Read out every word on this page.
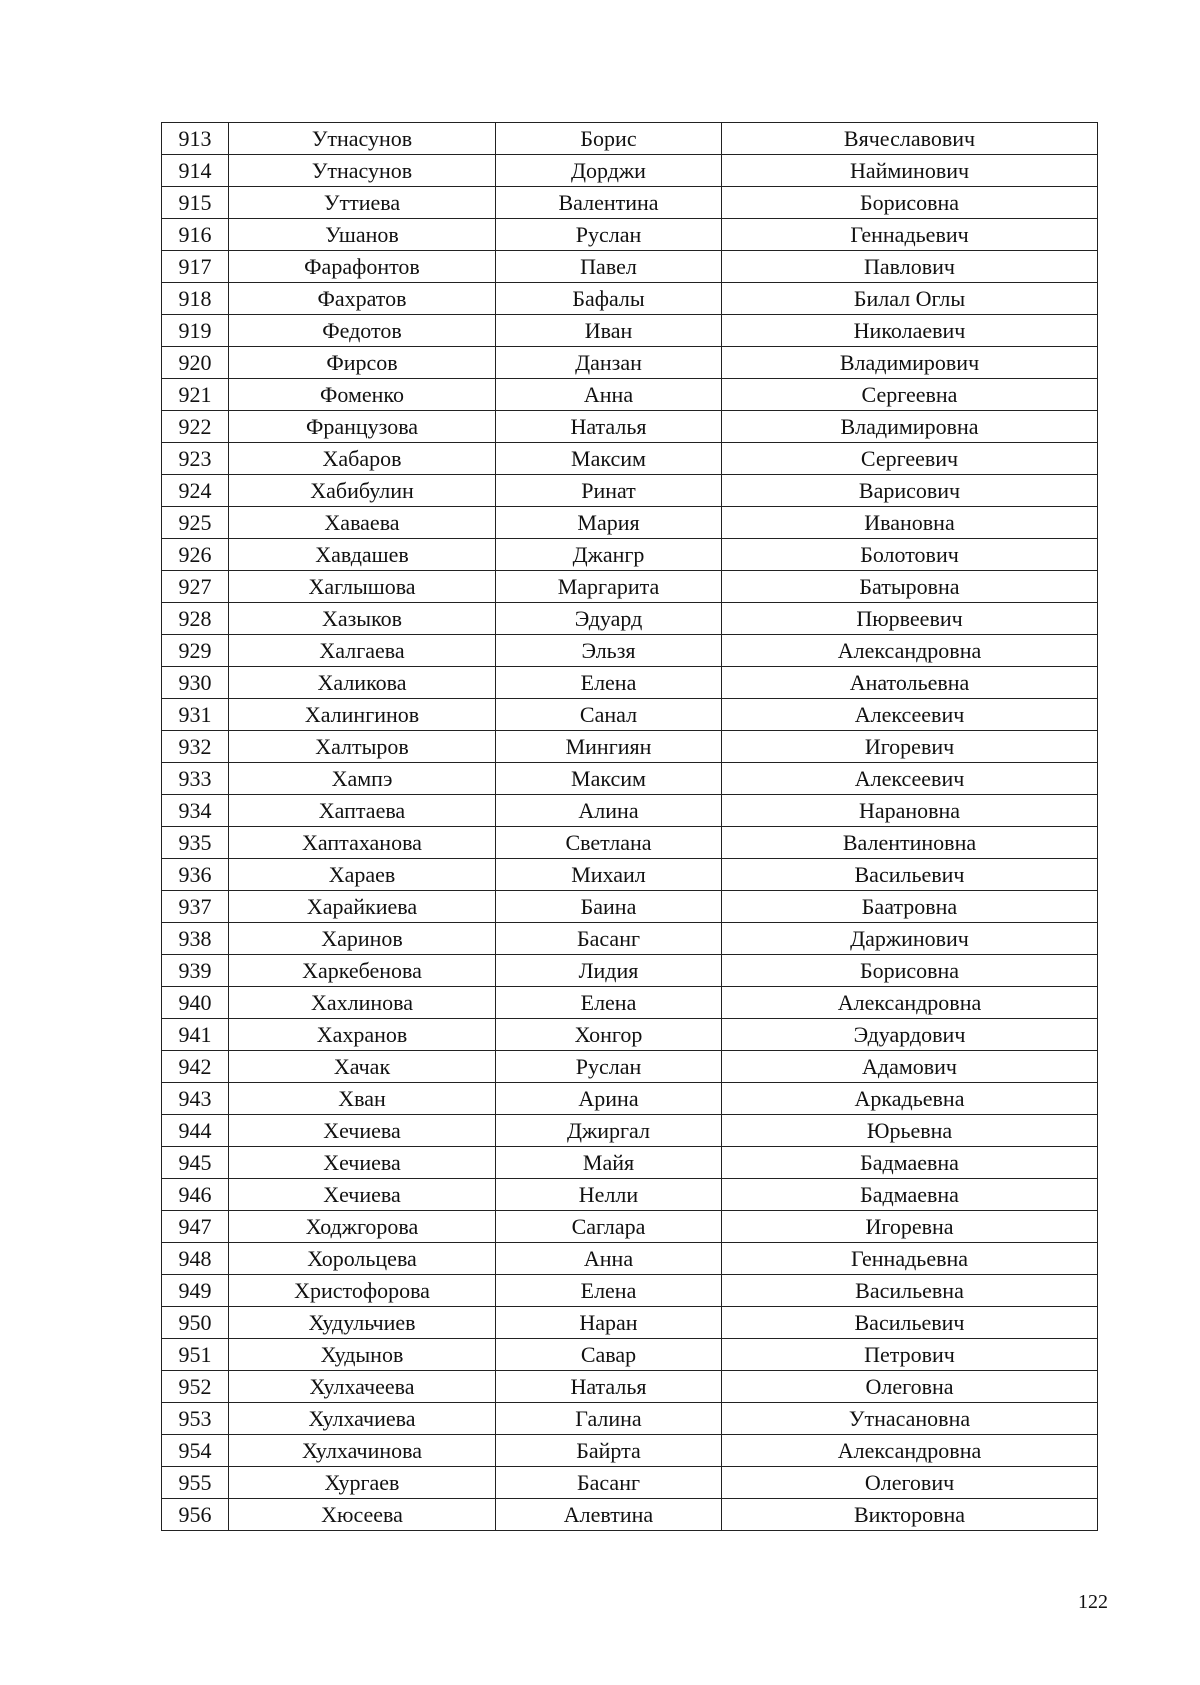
913	Утнасунов	Борис	Вячеславович
914	Утнасунов	Дорджи	Найминович
915	Уттиева	Валентина	Борисовна
916	Ушанов	Руслан	Геннадьевич
917	Фарафонтов	Павел	Павлович
918	Фахратов	Бафалы	Билал Оглы
919	Федотов	Иван	Николаевич
920	Фирсов	Данзан	Владимирович
921	Фоменко	Анна	Сергеевна
922	Французова	Наталья	Владимировна
923	Хабаров	Максим	Сергеевич
924	Хабибулин	Ринат	Варисович
925	Хаваева	Мария	Ивановна
926	Хавдашев	Джангр	Болотович
927	Хаглышова	Маргарита	Батыровна
928	Хазыков	Эдуард	Пюрвеевич
929	Халгаева	Эльзя	Александровна
930	Халикова	Елена	Анатольевна
931	Халингинов	Санал	Алексеевич
932	Халтыров	Мингиян	Игоревич
933	Хампэ	Максим	Алексеевич
934	Хаптаева	Алина	Нарановна
935	Хаптаханова	Светлана	Валентиновна
936	Хараев	Михаил	Васильевич
937	Харайкиева	Баина	Баатровна
938	Харинов	Басанг	Даржинович
939	Харкебенова	Лидия	Борисовна
940	Хахлинова	Елена	Александровна
941	Хахранов	Хонгор	Эдуардович
942	Хачак	Руслан	Адамович
943	Хван	Арина	Аркадьевна
944	Хечиева	Джиргал	Юрьевна
945	Хечиева	Майя	Бадмаевна
946	Хечиева	Нелли	Бадмаевна
947	Ходжгорова	Саглара	Игоревна
948	Хорольцева	Анна	Геннадьевна
949	Христофорова	Елена	Васильевна
950	Худульчиев	Наран	Васильевич
951	Худынов	Савар	Петрович
952	Хулхачеева	Наталья	Олеговна
953	Хулхачиева	Галина	Утнасановна
954	Хулхачинова	Байрта	Александровна
955	Хургаев	Басанг	Олегович
956	Хюсеева	Алевтина	Викторовна
122
